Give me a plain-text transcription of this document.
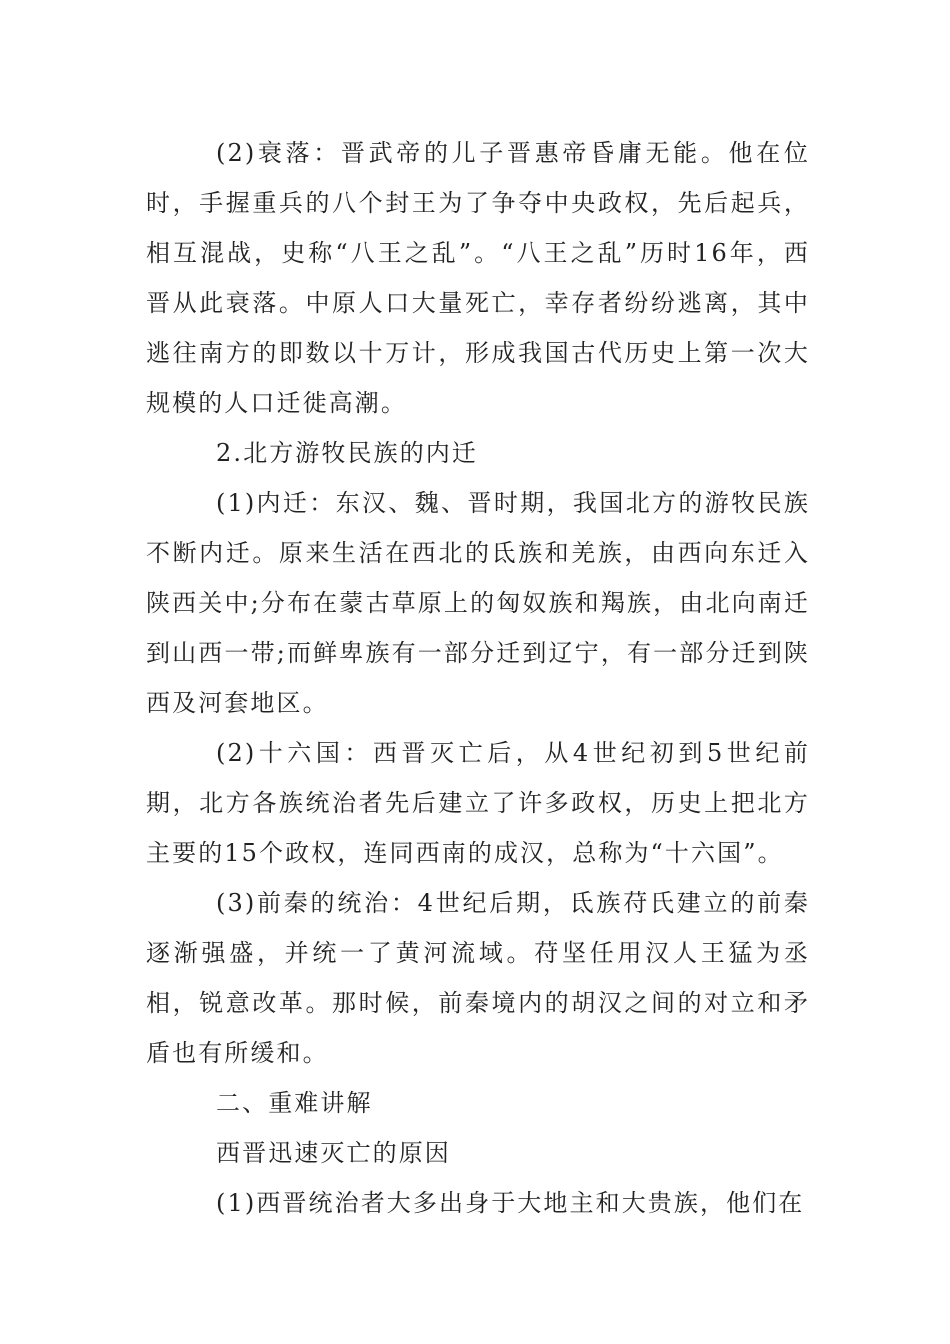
(2)衰落：晋武帝的儿子晋惠帝昏庸无能。他在位时，手握重兵的八个封王为了争夺中央政权，先后起兵，相互混战，史称“八王之乱”。“八王之乱”历时16年，西晋从此衰落。中原人口大量死亡，幸存者纷纷逃离，其中逃往南方的即数以十万计，形成我国古代历史上第一次大规模的人口迁徙高潮。

2.北方游牧民族的内迁

(1)内迁：东汉、魏、晋时期，我国北方的游牧民族不断内迁。原来生活在西北的氐族和羌族，由西向东迁入陕西关中;分布在蒙古草原上的匈奴族和羯族，由北向南迁到山西一带;而鲜卑族有一部分迁到辽宁，有一部分迁到陕西及河套地区。

(2)十六国：西晋灭亡后，从4世纪初到5世纪前期，北方各族统治者先后建立了许多政权，历史上把北方主要的15个政权，连同西南的成汉，总称为“十六国”。

(3)前秦的统治：4世纪后期，氐族苻氏建立的前秦逐渐强盛，并统一了黄河流域。苻坚任用汉人王猛为丞相，锐意改革。那时候，前秦境内的胡汉之间的对立和矛盾也有所缓和。

二、重难讲解

西晋迅速灭亡的原因

(1)西晋统治者大多出身于大地主和大贵族，他们在
